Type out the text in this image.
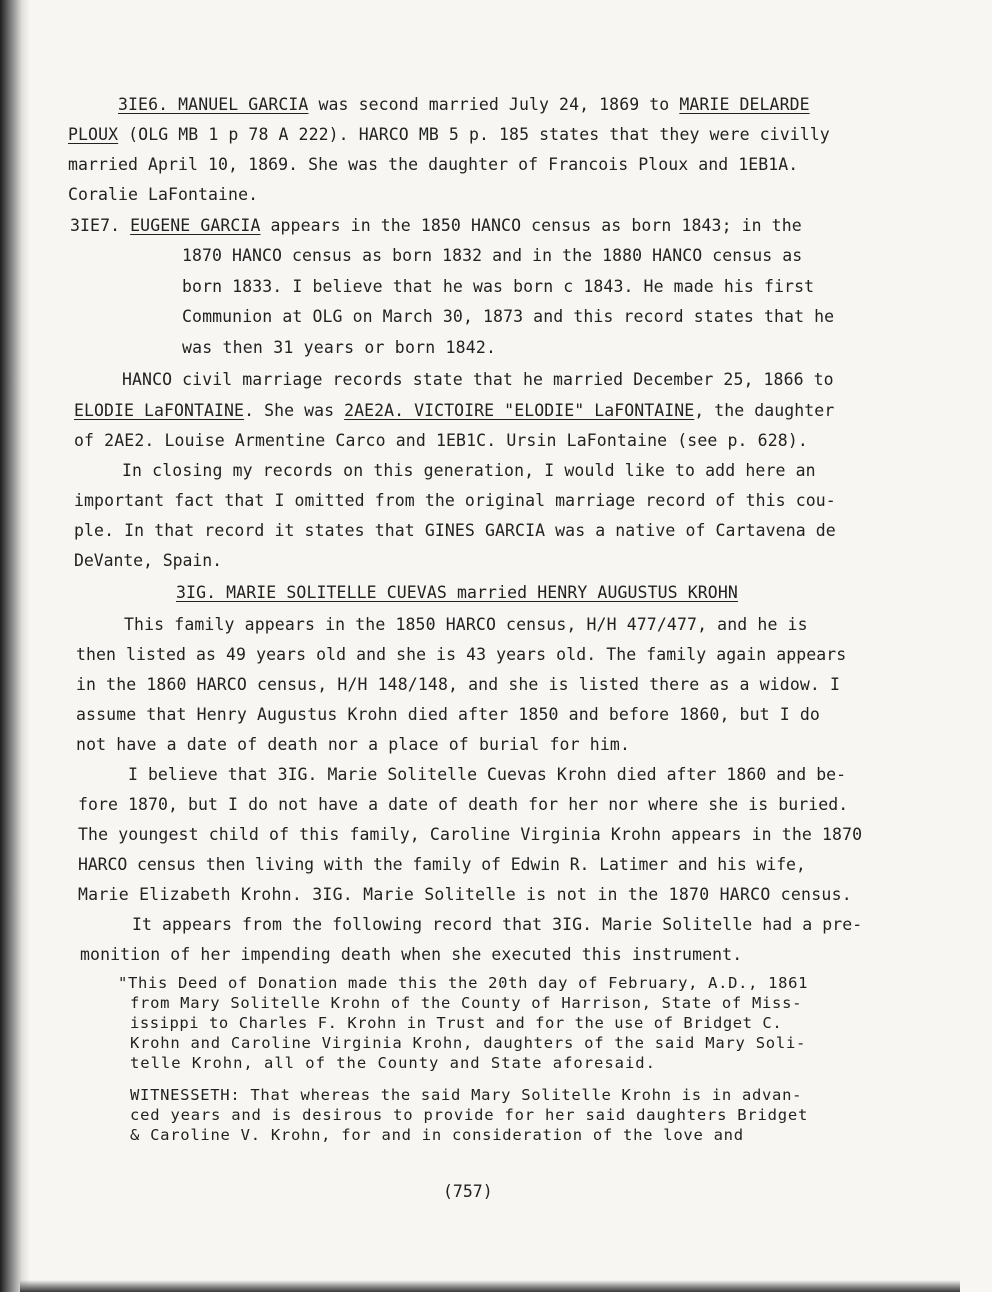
3IE6. MANUEL GARCIA was second married July 24, 1869 to MARIE DELARDE
PLOUX (OLG MB 1 p 78 A 222). HARCO MB 5 p. 185 states that they were civilly
married April 10, 1869. She was the daughter of Francois Ploux and 1EB1A.
Coralie LaFontaine.
3IE7. EUGENE GARCIA appears in the 1850 HANCO census as born 1843; in the
1870 HANCO census as born 1832 and in the 1880 HANCO census as
born 1833. I believe that he was born c 1843. He made his first
Communion at OLG on March 30, 1873 and this record states that he
was then 31 years or born 1842.
HANCO civil marriage records state that he married December 25, 1866 to
ELODIE LaFONTAINE. She was 2AE2A. VICTOIRE "ELODIE" LaFONTAINE, the daughter
of 2AE2. Louise Armentine Carco and 1EB1C. Ursin LaFontaine (see p. 628).
In closing my records on this generation, I would like to add here an
important fact that I omitted from the original marriage record of this cou-
ple. In that record it states that GINES GARCIA was a native of Cartavena de
DeVante, Spain.
3IG. MARIE SOLITELLE CUEVAS married HENRY AUGUSTUS KROHN
This family appears in the 1850 HARCO census, H/H 477/477, and he is
then listed as 49 years old and she is 43 years old. The family again appears
in the 1860 HARCO census, H/H 148/148, and she is listed there as a widow. I
assume that Henry Augustus Krohn died after 1850 and before 1860, but I do
not have a date of death nor a place of burial for him.
I believe that 3IG. Marie Solitelle Cuevas Krohn died after 1860 and be-
fore 1870, but I do not have a date of death for her nor where she is buried.
The youngest child of this family, Caroline Virginia Krohn appears in the 1870
HARCO census then living with the family of Edwin R. Latimer and his wife,
Marie Elizabeth Krohn. 3IG. Marie Solitelle is not in the 1870 HARCO census.
It appears from the following record that 3IG. Marie Solitelle had a pre-
monition of her impending death when she executed this instrument.
"This Deed of Donation made this the 20th day of February, A.D., 1861
from Mary Solitelle Krohn of the County of Harrison, State of Miss-
issippi to Charles F. Krohn in Trust and for the use of Bridget C.
Krohn and Caroline Virginia Krohn, daughters of the said Mary Soli-
telle Krohn, all of the County and State aforesaid.
WITNESSETH: That whereas the said Mary Solitelle Krohn is in advan-
ced years and is desirous to provide for her said daughters Bridget
& Caroline V. Krohn, for and in consideration of the love and
(757)
